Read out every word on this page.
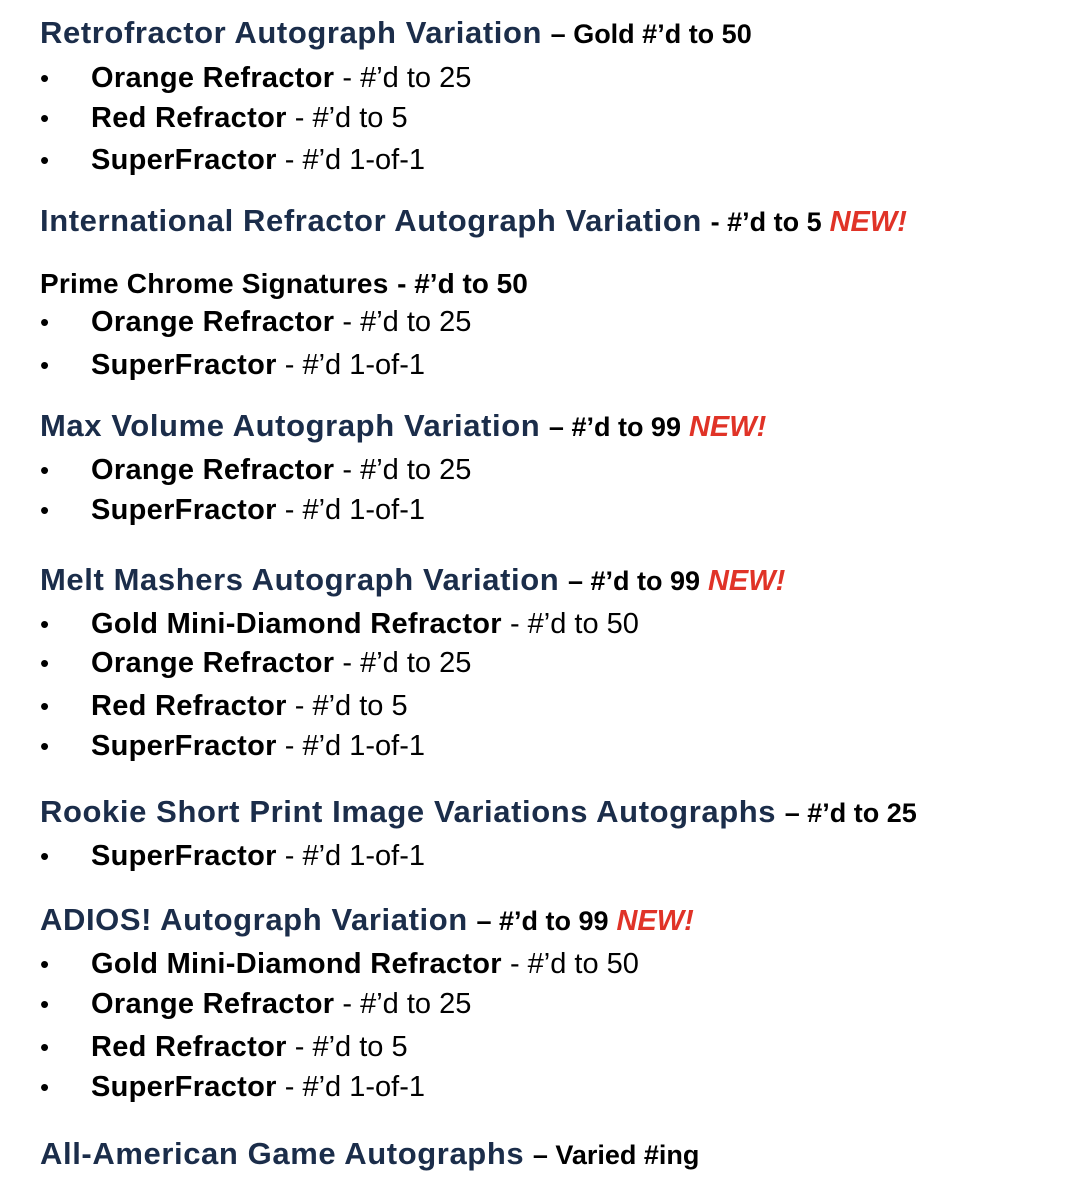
Retrofractor Autograph Variation – Gold #’d to 50
• Orange Refractor - #’d to 25
• Red Refractor - #’d to 5
• SuperFractor - #’d 1-of-1
International Refractor Autograph Variation - #’d to 5 NEW!
Prime Chrome Signatures - #’d to 50
• Orange Refractor - #’d to 25
• SuperFractor - #’d 1-of-1
Max Volume Autograph Variation – #’d to 99 NEW!
• Orange Refractor - #’d to 25
• SuperFractor - #’d 1-of-1
Melt Mashers Autograph Variation – #’d to 99 NEW!
• Gold Mini-Diamond Refractor - #’d to 50
• Orange Refractor - #’d to 25
• Red Refractor - #’d to 5
• SuperFractor - #’d 1-of-1
Rookie Short Print Image Variations Autographs – #’d to 25
• SuperFractor - #’d 1-of-1
ADIOS! Autograph Variation – #’d to 99 NEW!
• Gold Mini-Diamond Refractor - #’d to 50
• Orange Refractor - #’d to 25
• Red Refractor - #’d to 5
• SuperFractor - #’d 1-of-1
All-American Game Autographs – Varied #ing
